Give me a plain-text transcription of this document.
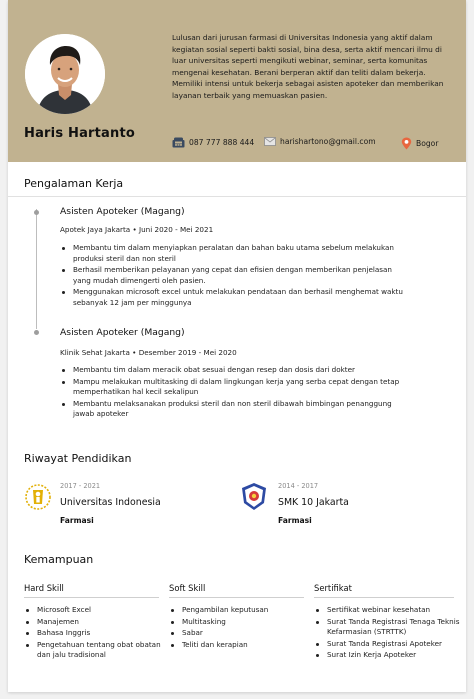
Haris Hartanto
Lulusan dari jurusan farmasi di Universitas Indonesia yang aktif dalam kegiatan sosial seperti bakti sosial, bina desa, serta aktif mencari ilmu di luar universitas seperti mengikuti webinar, seminar, serta komunitas mengenai kesehatan. Berani berperan aktif dan teliti dalam bekerja. Memiliki intensi untuk bekerja sebagai asisten apoteker dan memberikan layanan terbaik yang memuaskan pasien.
087 777 888 444	harishartono@gmail.com	Bogor
Pengalaman Kerja
Asisten Apoteker (Magang)
Apotek Jaya Jakarta • Juni 2020 - Mei 2021
Membantu tim dalam menyiapkan peralatan dan bahan baku utama sebelum melakukan produksi steril dan non steril
Berhasil memberikan pelayanan yang cepat dan efisien dengan memberikan penjelasan yang mudah dimengerti oleh pasien.
Menggunakan microsoft excel untuk melakukan pendataan dan berhasil menghemat waktu sebanyak 12 jam per minggunya
Asisten Apoteker (Magang)
Klinik Sehat Jakarta • Desember 2019 - Mei 2020
Membantu tim dalam meracik obat sesuai dengan resep dan dosis dari dokter
Mampu melakukan multitasking di dalam lingkungan kerja yang serba cepat dengan tetap memperhatikan hal kecil sekalipun
Membantu melaksanakan produksi steril dan non steril dibawah bimbingan penanggung jawab apoteker
Riwayat Pendidikan
2017 - 2021
Universitas Indonesia
Farmasi
2014 - 2017
SMK 10 Jakarta
Farmasi
Kemampuan
Hard Skill
Microsoft Excel
Manajemen
Bahasa Inggris
Pengetahuan tentang obat obatan dan jalu tradisional
Soft Skill
Pengambilan keputusan
Multitasking
Sabar
Teliti dan kerapian
Sertifikat
Sertifikat webinar kesehatan
Surat Tanda Registrasi Tenaga Teknis Kefarmasian (STRTTK)
Surat Tanda Registrasi Apoteker
Surat Izin Kerja Apoteker
